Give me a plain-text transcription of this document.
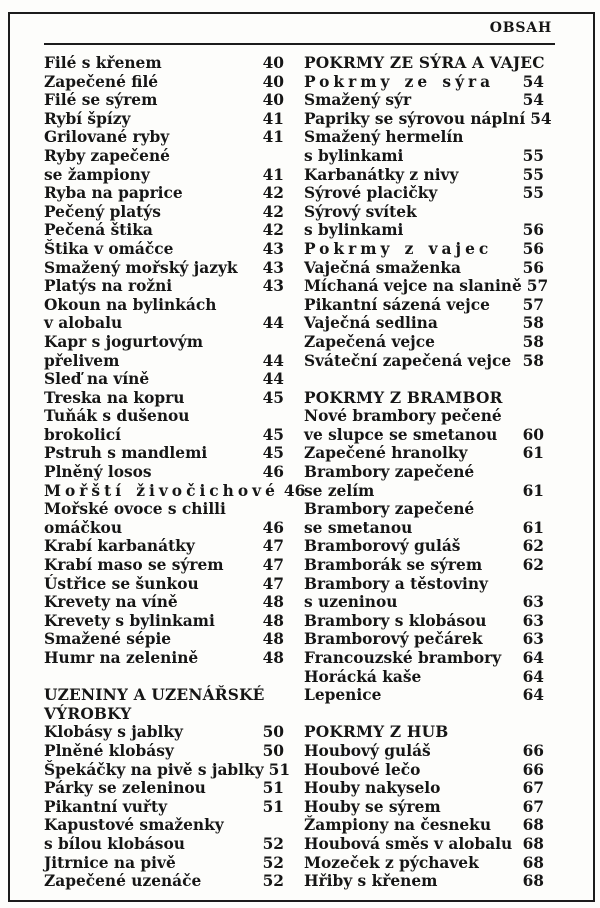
OBSAH
Filé s křenem	40
Zapečené filé	40
Filé se sýrem	40
Rybí špízy	41
Grilované ryby	41
Ryby zapečené
se žampiony	41
Ryba na paprice	42
Pečený platýs	42
Pečená štika	42
Štika v omáčce	43
Smažený mořský jazyk	43
Platýs na rožni	43
Okoun na bylinkách
v alobalu	44
Kapr s jogurtovým
přelivem	44
Sleď na víně	44
Treska na kopru	45
Tuňák s dušenou
brokolicí	45
Pstruh s mandlemi	45
Plněný losos	46
Mořští živočichové 46
Mořské ovoce s chilli
omáčkou	46
Krabí karbanátky	47
Krabí maso se sýrem	47
Ústřice se šunkou	47
Krevety na víně	48
Krevety s bylinkami	48
Smažené sépie	48
Humr na zelenině	48
UZENINY A UZENÁŘSKÉ
VÝROBKY
Klobásy s jablky	50
Plněné klobásy	50
Špekáčky na pivě s jablky 51
Párky se zeleninou	51
Pikantní vuřty	51
Kapustové smaženky
s bílou klobásou	52
Jitrnice na pivě	52
Zapečené uzenáče	52
POKRMY ZE SÝRA A VAJEC
Pokrmy ze sýra	54
Smažený sýr	54
Papriky se sýrovou náplní 54
Smažený hermelín
s bylinkami	55
Karbanátky z nivy	55
Sýrové placičky	55
Sýrový svítek
s bylinkami	56
Pokrmy z vajec	56
Vaječná smaženka	56
Míchaná vejce na slanině 57
Pikantní sázená vejce	57
Vaječná sedlina	58
Zapečená vejce	58
Sváteční zapečená vejce 58
POKRMY Z BRAMBOR
Nové brambory pečené
ve slupce se smetanou	60
Zapečené hranolky	61
Brambory zapečené
se zelím	61
Brambory zapečené
se smetanou	61
Bramborový guláš	62
Bramborák se sýrem	62
Brambory a těstoviny
s uzeninou	63
Brambory s klobásou	63
Bramborový pečárek	63
Francouzské brambory	64
Horácká kaše	64
Lepenice	64
POKRMY Z HUB
Houbový guláš	66
Houbové lečo	66
Houby nakyselo	67
Houby se sýrem	67
Žampiony na česneku	68
Houbová směs v alobalu 68
Mozeček z pýchavek	68
Hřiby s křenem	68
